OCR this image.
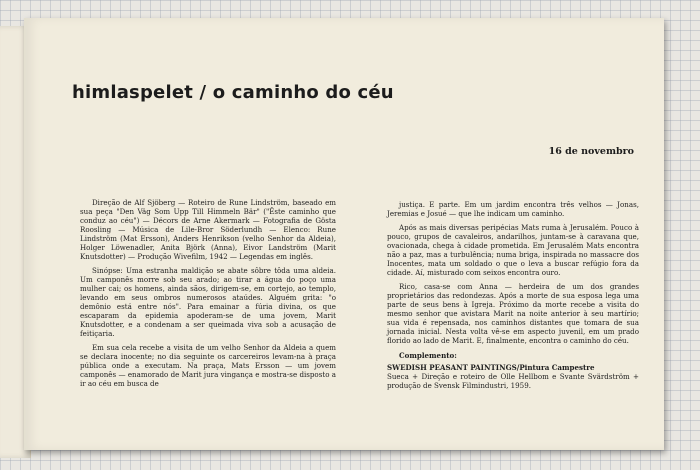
himlaspelet / o caminho do céu
16 de novembro

Direção de Alf Sjöberg — Roteiro de Rune Lindström, baseado em sua peça "Den Väg Som Upp Till Himmeln Bär" ("Êste caminho que conduz ao céu") — Décors de Arne Akermark — Fotografia de Gösta Roosling — Música de Lile-Bror Söderlundh — Elenco: Rune Lindström (Mat Ersson), Anders Henrikson (velho Senhor da Aldeia), Holger Löwenadler, Anita Björk (Anna), Eivor Landström (Marit Knutsdotter) — Produção Wivefilm, 1942 — Legendas em inglês.

Sinópse: Uma estranha maldição se abate sôbre tôda uma aldeia. Um camponês morre sob seu arado; ao tirar a água do poço uma mulher cai; os homens, ainda sãos, dirigem-se, em cortejo, ao templo, levando em seus ombros numerosos ataúdes. Alguém grita: "o demônio está entre nós". Para emainar a fúria divina, os que escaparam da epidemia apoderam-se de uma jovem, Marit Knutsdotter, e a condenam a ser queimada viva sob a acusação de feitiçaria.

Em sua cela recebe a visita de um velho Senhor da Aldeia a quem se declara inocente; no dia seguinte os carcereiros levam-na à praça pública onde a executam. Na praça, Mats Ersson — um jovem camponês — enamorado de Marit jura vingança e mostra-se disposto a ir ao céu em busca de

justiça. E parte. Em um jardim encontra três velhos — Jonas, Jeremias e Josué — que lhe indicam um caminho.

Após as mais diversas peripécias Mats ruma à Jerusalém. Pouco à pouco, grupos de cavaleiros, andarilhos, juntam-se à caravana que, ovacionada, chega à cidade prometida. Em Jerusalém Mats encontra não a paz, mas a turbulência; numa briga, inspirada no massacre dos Inocentes, mata um soldado o que o leva a buscar refúgio fora da cidade. Aí, misturado com seixos encontra ouro.

Rico, casa-se com Anna — herdeira de um dos grandes proprietários das redondezas. Após a morte de sua esposa lega uma parte de seus bens à Igreja. Próximo da morte recebe a visita do mesmo senhor que avistara Marit na noite anterior à seu martírio; sua vida é repensada, nos caminhos distantes que tomara de sua jornada inicial. Nesta volta vê-se em aspecto juvenil, em um prado florido ao lado de Marit. E, finalmente, encontra o caminho do céu.

Complemento:

SWEDISH PEASANT PAINTINGS/Pintura Campestre

Sueca + Direção e roteiro de Olle Hellbom e Svante Svärdström + produção de Svensk Filmindustri, 1959.
